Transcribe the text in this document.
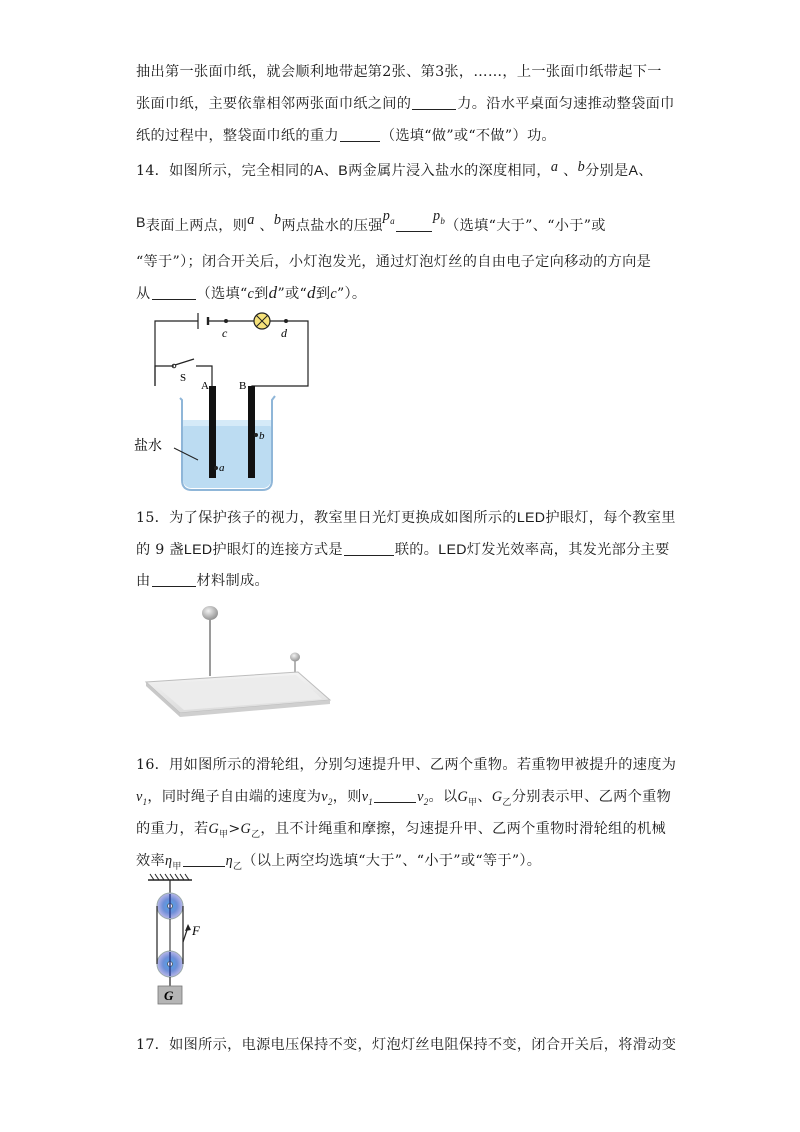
抽出第一张面巾纸，就会顺利地带起第2张、第3张，……，上一张面巾纸带起下一
张面巾纸，主要依靠相邻两张面巾纸之间的	力。沿水平桌面匀速推动整袋面巾
纸的过程中，整袋面巾纸的重力	（选填“做”或“不做”）功。
14．如图所示，完全相同的A、B两金属片浸入盐水的深度相同，a 、b分别是A、
B表面上两点，则a 、b两点盐水的压强$p_a$	$p_b$（选填“大于”、“小于”或
“等于”）；闭合开关后，小灯泡发光，通过灯泡灯丝的自由电子定向移动的方向是
从	（选填“c到d”或“d到c”）。
c	d
S
A	B
b
a
盐水
15．为了保护孩子的视力，教室里日光灯更换成如图所示的LED护眼灯，每个教室里
的 9 盏LED护眼灯的连接方式是	联的。LED灯发光效率高，其发光部分主要
由	材料制成。
16．用如图所示的滑轮组，分别匀速提升甲、乙两个重物。若重物甲被提升的速度为
$v_1$，同时绳子自由端的速度为$v_2$，则$v_1$	$v_2$。以$G_甲$、$G_乙$分别表示甲、乙两个重物
的重力，若$G_甲>G_乙$，且不计绳重和摩擦，匀速提升甲、乙两个重物时滑轮组的机械
效率$\eta_甲$	$\eta_乙$（以上两空均选填“大于”、“小于”或“等于”）。
F
G
17．如图所示，电源电压保持不变，灯泡灯丝电阻保持不变，闭合开关后，将滑动变
